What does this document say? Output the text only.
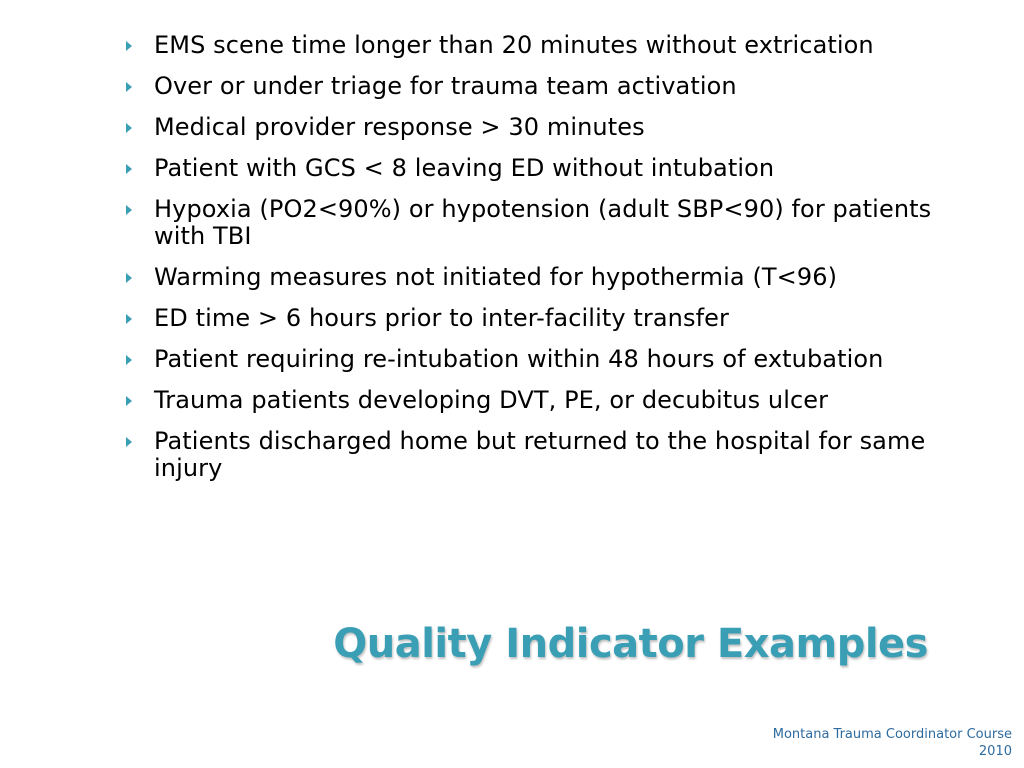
EMS scene time longer than 20 minutes without extrication
Over or under triage for trauma team activation
Medical provider response > 30 minutes
Patient with GCS < 8 leaving ED without intubation
Hypoxia (PO2<90%) or hypotension (adult SBP<90) for patients with TBI
Warming measures not initiated for hypothermia (T<96)
ED time > 6 hours prior to inter-facility transfer
Patient requiring re-intubation within 48 hours of extubation
Trauma patients developing DVT, PE, or decubitus ulcer
Patients discharged home but returned to the hospital for same injury
Quality Indicator Examples
Montana Trauma Coordinator Course
2010
